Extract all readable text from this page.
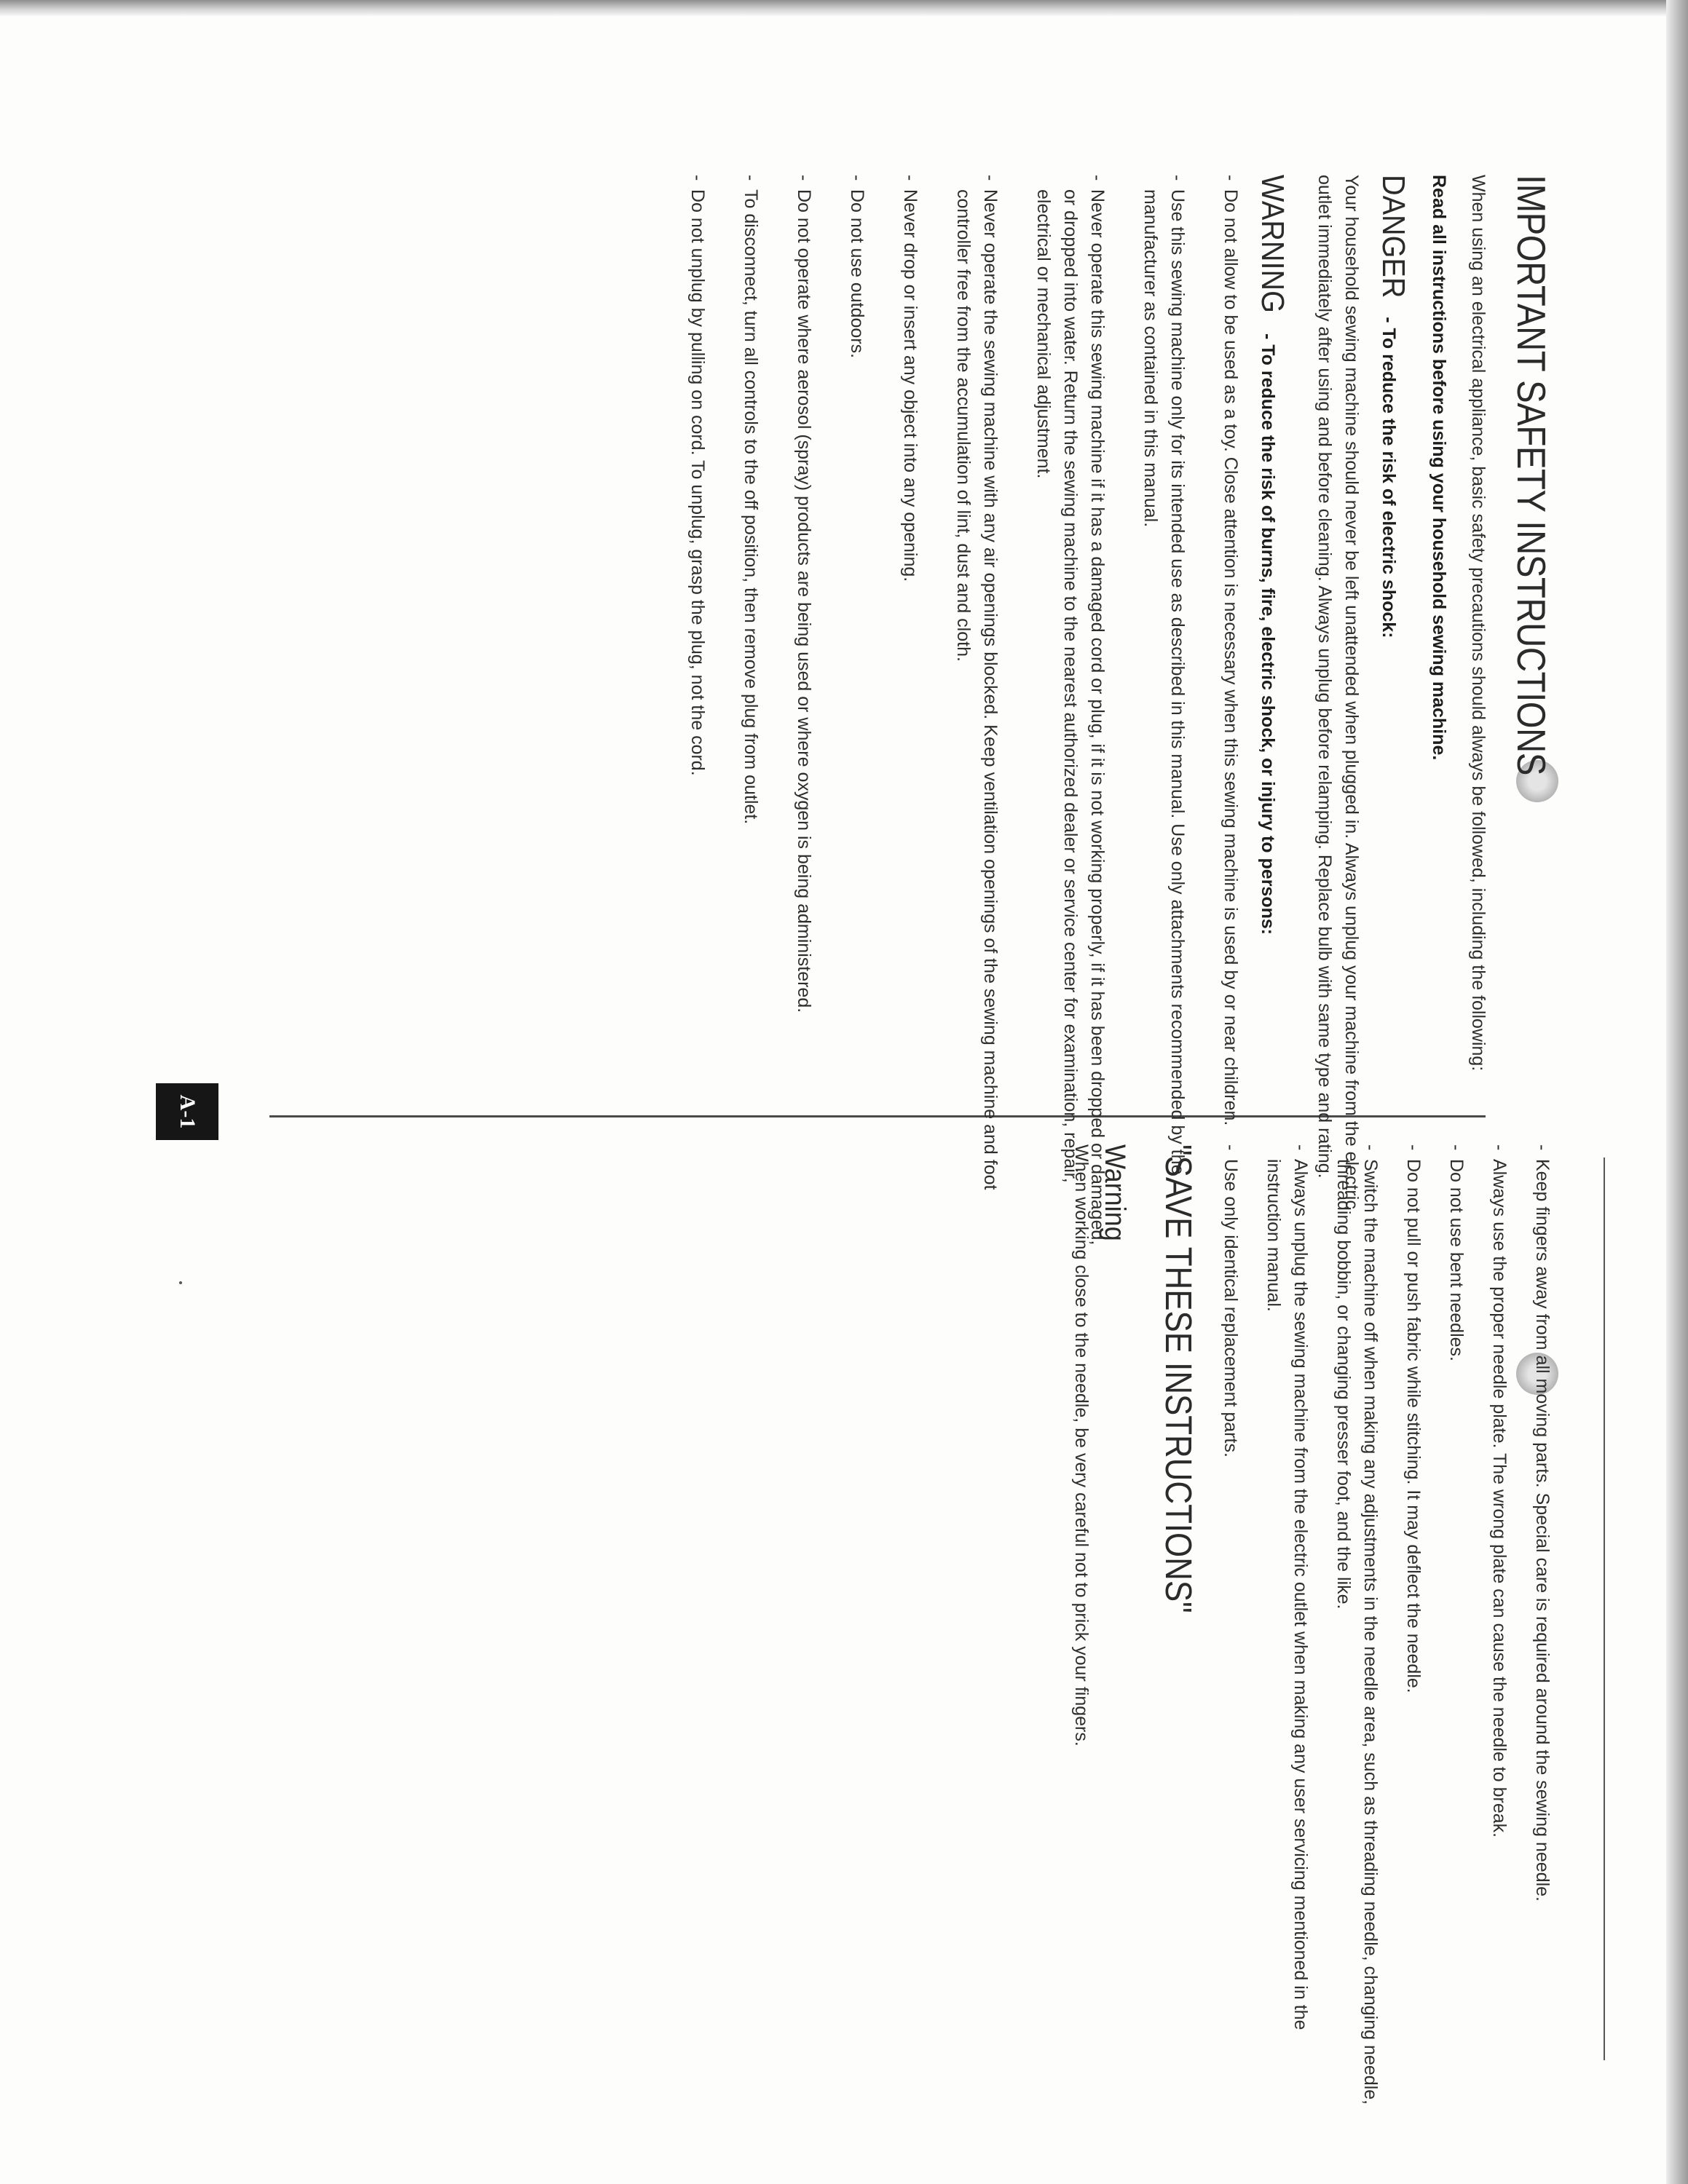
A-1
IMPORTANT SAFETY INSTRUCTIONS
When using an electrical appliance, basic safety precautions should always be followed, including the following:
Read all instructions before using your household sewing machine.
DANGER - To reduce the risk of electric shock:
Your household sewing machine should never be left unattended when plugged in. Always unplug your machine from the electric outlet immediately after using and before cleaning. Always unplug before relamping. Replace bulb with same type and rating.
WARNING - To reduce the risk of burns, fire, electric shock, or injury to persons:
-
Do not allow to be used as a toy. Close attention is necessary when this sewing machine is used by or near children.
-
Use this sewing machine only for its intended use as described in this manual. Use only attachments recommended by the manufacturer as contained in this manual.
-
Never operate this sewing machine if it has a damaged cord or plug, if it is not working properly, if it has been dropped or damaged, or dropped into water. Return the sewing machine to the nearest authorized dealer or service center for examination, repair, electrical or mechanical adjustment.
-
Never operate the sewing machine with any air openings blocked. Keep ventilation openings of the sewing machine and foot controller free from the accumulation of lint, dust and cloth.
-
Never drop or insert any object into any opening.
-
Do not use outdoors.
-
Do not operate where aerosol (spray) products are being used or where oxygen is being administered.
-
To disconnect, turn all controls to the off position, then remove plug from outlet.
-
Do not unplug by pulling on cord. To unplug, grasp the plug, not the cord.
-
Keep fingers away from all moving parts. Special care is required around the sewing needle.
-
Always use the proper needle plate. The wrong plate can cause the needle to break.
-
Do not use bent needles.
-
Do not pull or push fabric while stitching. It may deflect the needle.
-
Switch the machine off when making any adjustments in the needle area, such as threading needle, changing needle, threading bobbin, or changing presser foot, and the like.
-
Always unplug the sewing machine from the electric outlet when making any user servicing mentioned in the instruction manual.
-
Use only identical replacement parts.
"SAVE THESE INSTRUCTIONS"
Warning
When working close to the needle, be very careful not to prick your fingers.
